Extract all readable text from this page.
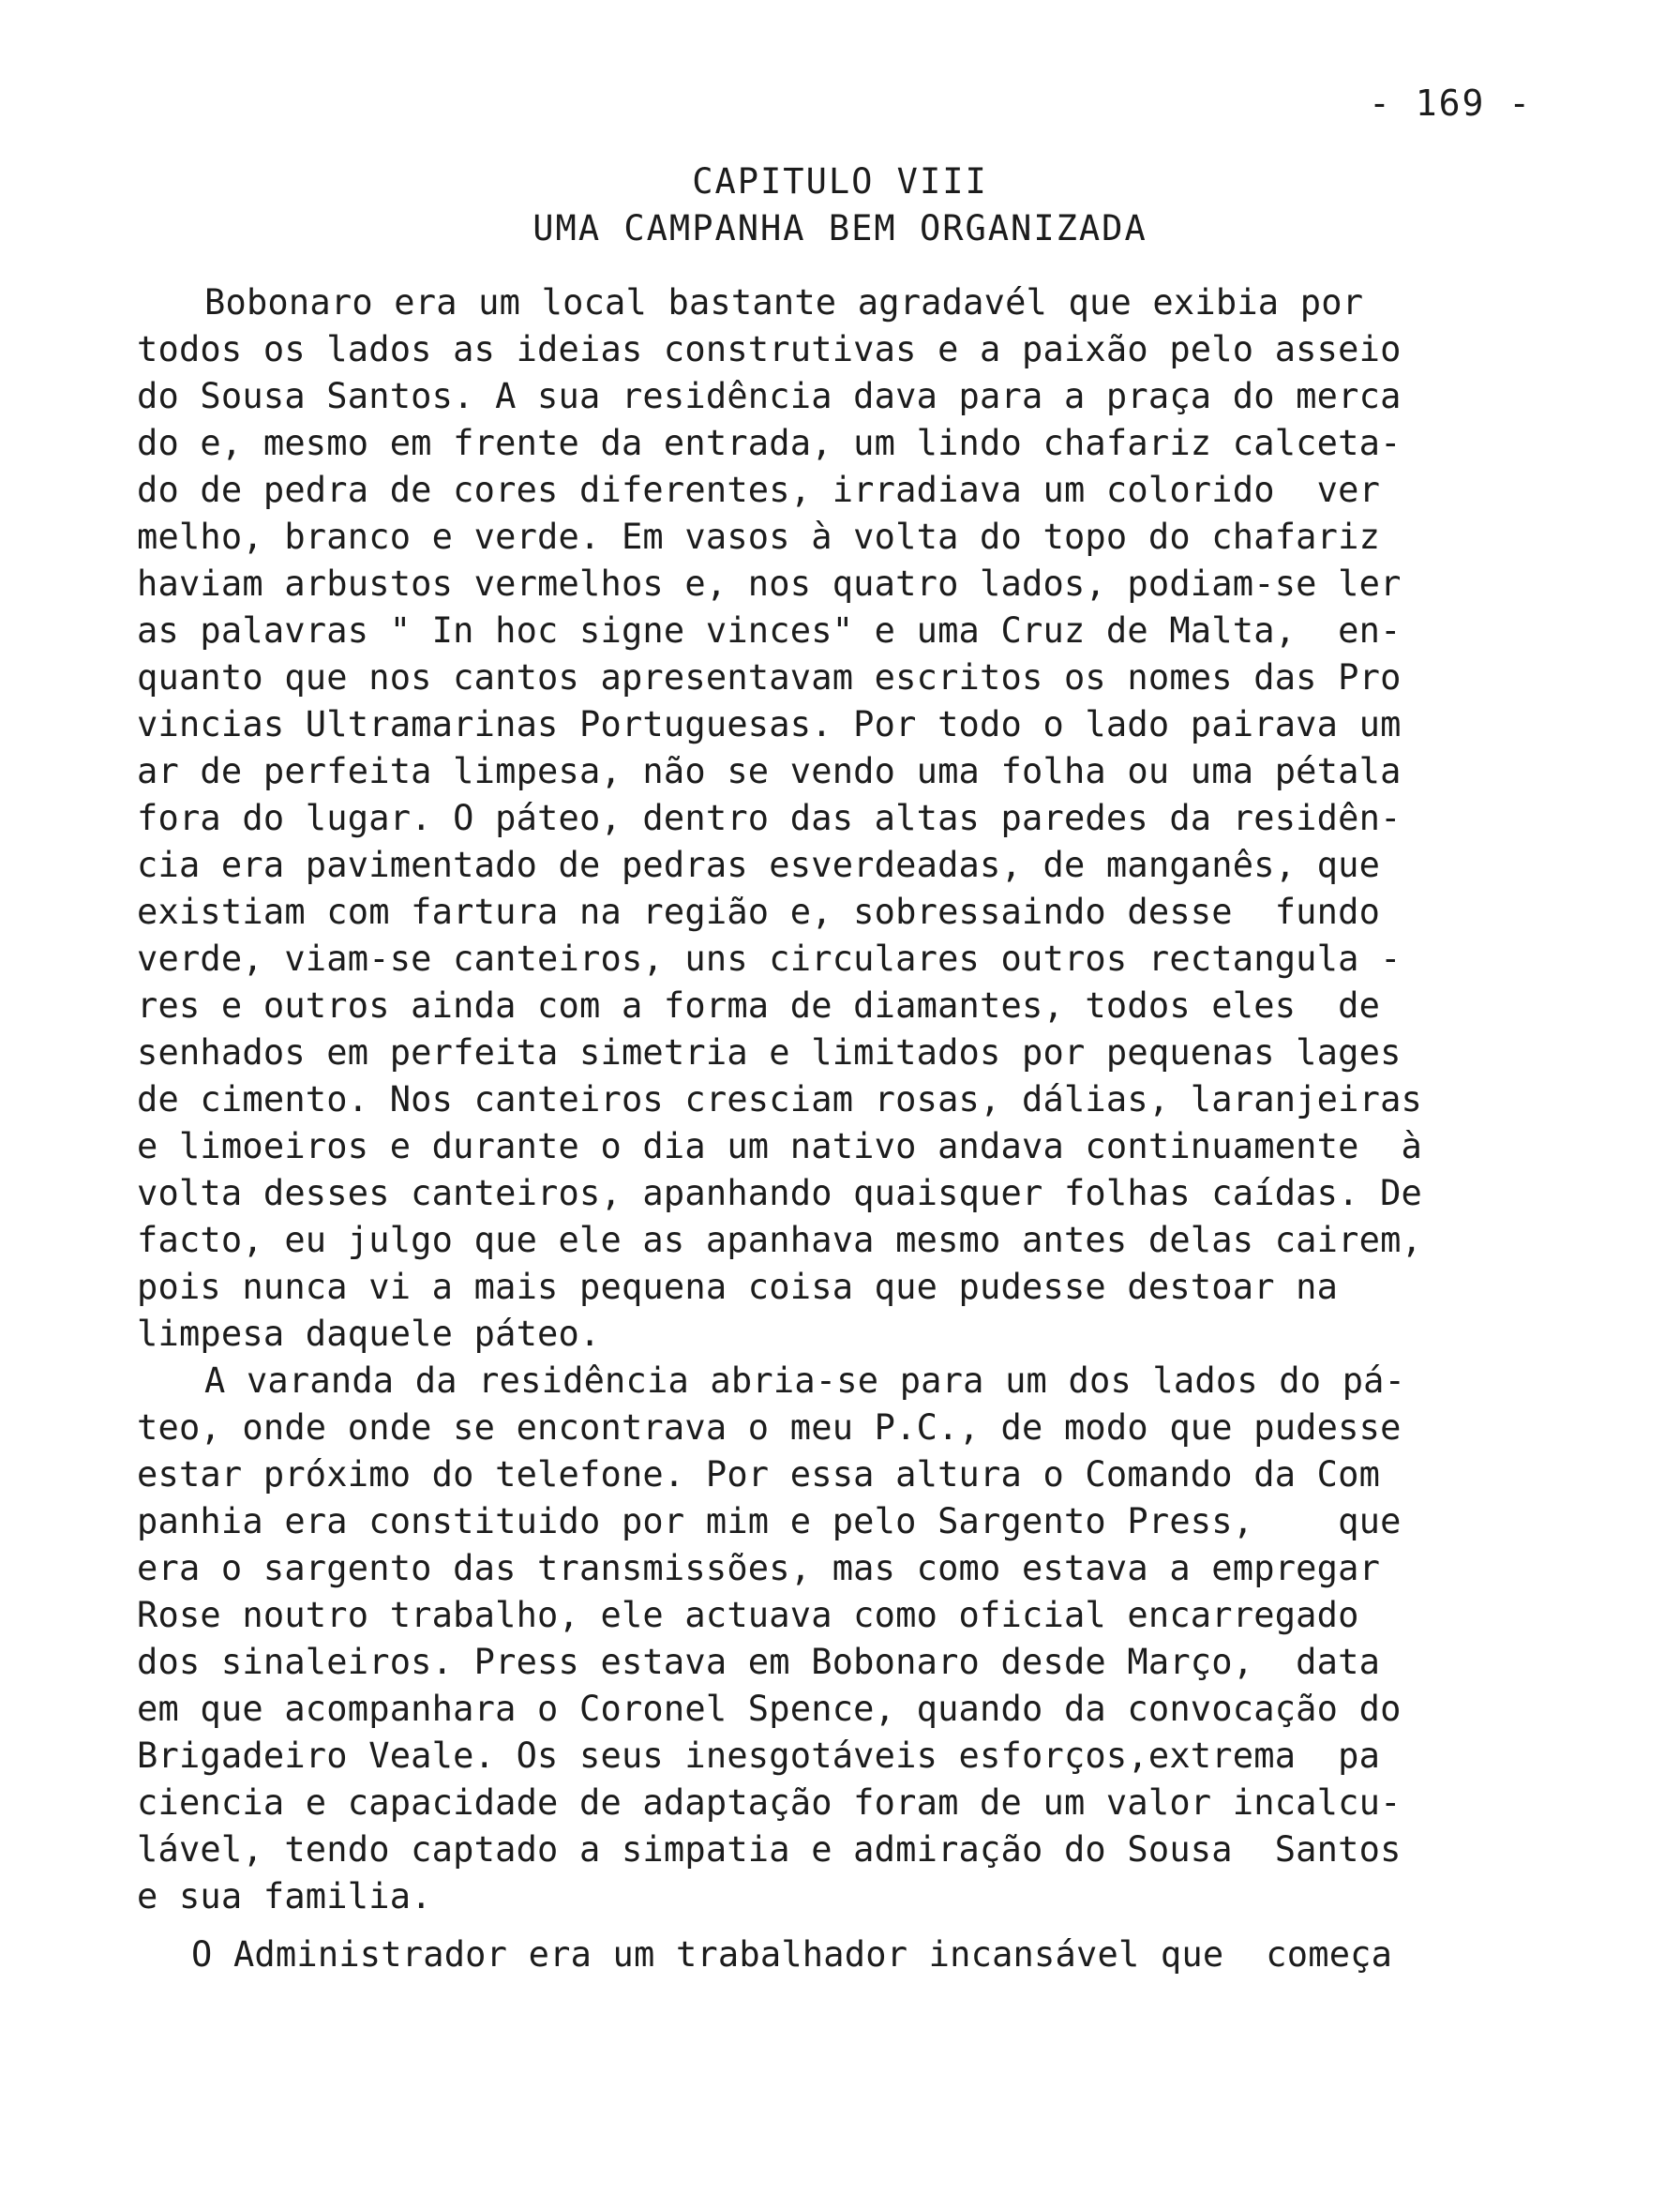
- 169 -
CAPITULO VIII
UMA CAMPANHA BEM ORGANIZADA
Bobonaro era um local bastante agradavél que exibia por
todos os lados as ideias construtivas e a paixão pelo asseio
do Sousa Santos. A sua residência dava para a praça do merca
do e, mesmo em frente da entrada, um lindo chafariz calceta-
do de pedra de cores diferentes, irradiava um colorido  ver
melho, branco e verde. Em vasos à volta do topo do chafariz
haviam arbustos vermelhos e, nos quatro lados, podiam-se ler
as palavras " In hoc signe vinces" e uma Cruz de Malta,  en-
quanto que nos cantos apresentavam escritos os nomes das Pro
vincias Ultramarinas Portuguesas. Por todo o lado pairava um
ar de perfeita limpesa, não se vendo uma folha ou uma pétala
fora do lugar. O páteo, dentro das altas paredes da residên-
cia era pavimentado de pedras esverdeadas, de manganês, que
existiam com fartura na região e, sobressaindo desse  fundo
verde, viam-se canteiros, uns circulares outros rectangula -
res e outros ainda com a forma de diamantes, todos eles  de
senhados em perfeita simetria e limitados por pequenas lages
de cimento. Nos canteiros cresciam rosas, dálias, laranjeiras
e limoeiros e durante o dia um nativo andava continuamente  à
volta desses canteiros, apanhando quaisquer folhas caídas. De
facto, eu julgo que ele as apanhava mesmo antes delas cairem,
pois nunca vi a mais pequena coisa que pudesse destoar na
limpesa daquele páteo.
A varanda da residência abria-se para um dos lados do pá-
teo, onde onde se encontrava o meu P.C., de modo que pudesse
estar próximo do telefone. Por essa altura o Comando da Com
panhia era constituido por mim e pelo Sargento Press,    que
era o sargento das transmissões, mas como estava a empregar
Rose noutro trabalho, ele actuava como oficial encarregado
dos sinaleiros. Press estava em Bobonaro desde Março,  data
em que acompanhara o Coronel Spence, quando da convocação do
Brigadeiro Veale. Os seus inesgotáveis esforços,extrema  pa
ciencia e capacidade de adaptação foram de um valor incalcu-
lável, tendo captado a simpatia e admiração do Sousa  Santos
e sua familia.
O Administrador era um trabalhador incansável que  começa
